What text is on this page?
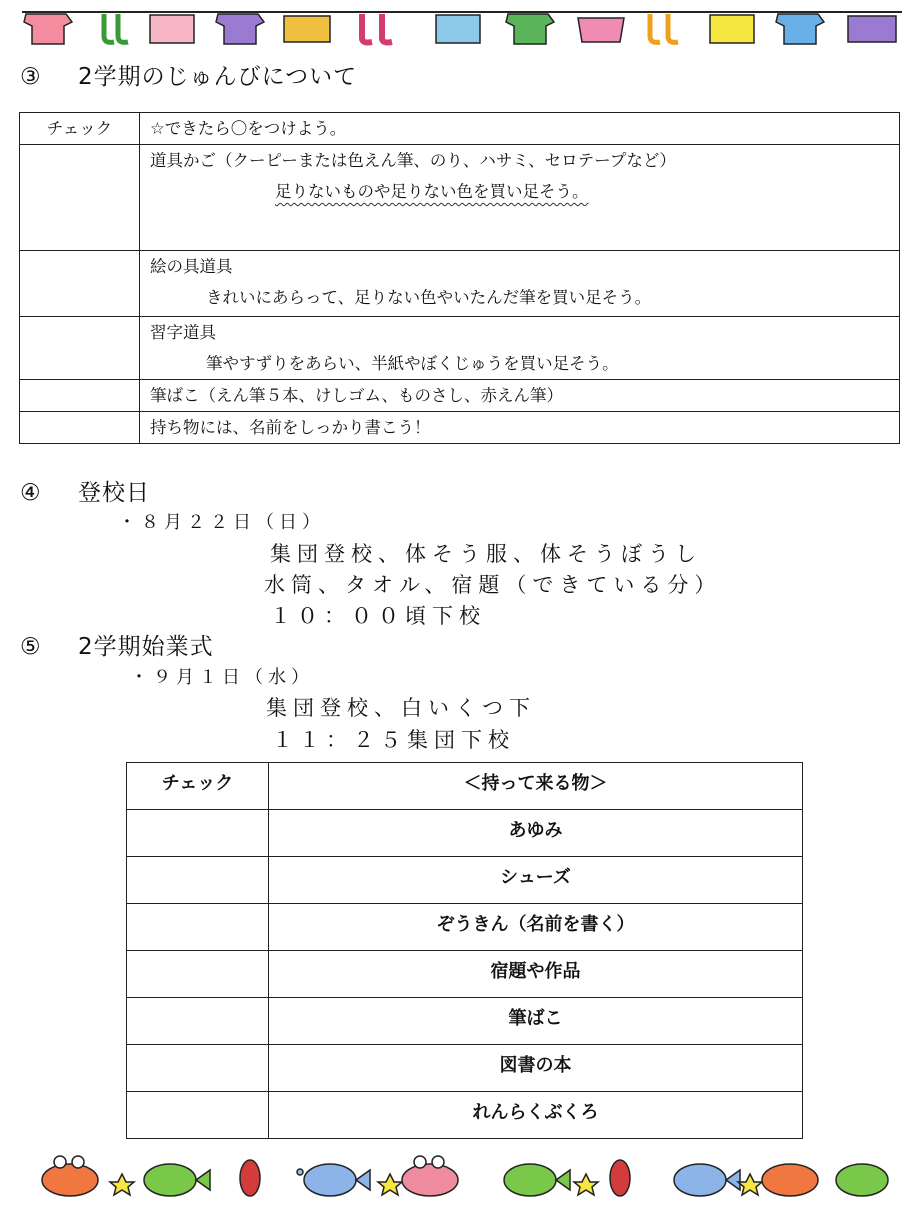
③ 2学期のじゅんびについて
チェック	☆できたら〇をつけよう。

	道具かご（クーピーまたは色えん筆、のり、ハサミ、セロテープなど）
足りないものや足りない色を買い足そう。

	絵の具道具
きれいにあらって、足りない色やいたんだ筆を買い足そう。

	習字道具
筆やすずりをあらい、半紙やぼくじゅうを買い足そう。

	筆ばこ（えん筆５本、けしゴム、ものさし、赤えん筆）

	持ち物には、名前をしっかり書こう！
④ 登校日
・８月２２日（日）
集団登校、体そう服、体そうぼうし
水筒、タオル、宿題（できている分）
１０：００頃下校
⑤ 2学期始業式
・９月１日（水）
集団登校、白いくつ下
１１：２５集団下校
チェック	＜持って来る物＞
	あゆみ
	シューズ
	ぞうきん（名前を書く）
	宿題や作品
	筆ばこ
	図書の本
	れんらくぶくろ
